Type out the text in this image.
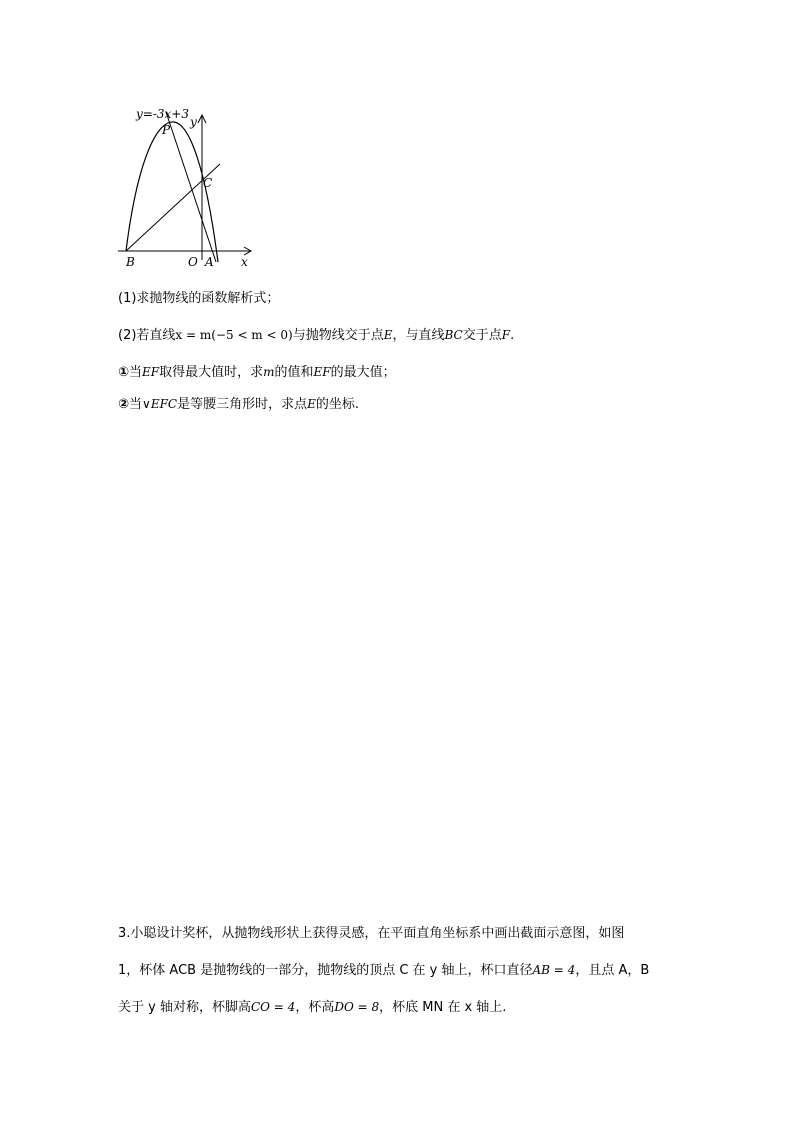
y=-3x+3
P
y
C
B	O A x
(1)求抛物线的函数解析式；
(2)若直线x = m(−5 < m < 0)与抛物线交于点E，与直线BC交于点F.
①当EF取得最大值时，求m的值和EF的最大值；
②当∨EFC是等腰三角形时，求点E的坐标.
3.小聪设计奖杯，从抛物线形状上获得灵感，在平面直角坐标系中画出截面示意图，如图
1，杯体 ACB 是抛物线的一部分，抛物线的顶点 C 在 y 轴上，杯口直径AB = 4，且点 A，B
关于 y 轴对称，杯脚高CO = 4，杯高DO = 8，杯底 MN 在 x 轴上.
